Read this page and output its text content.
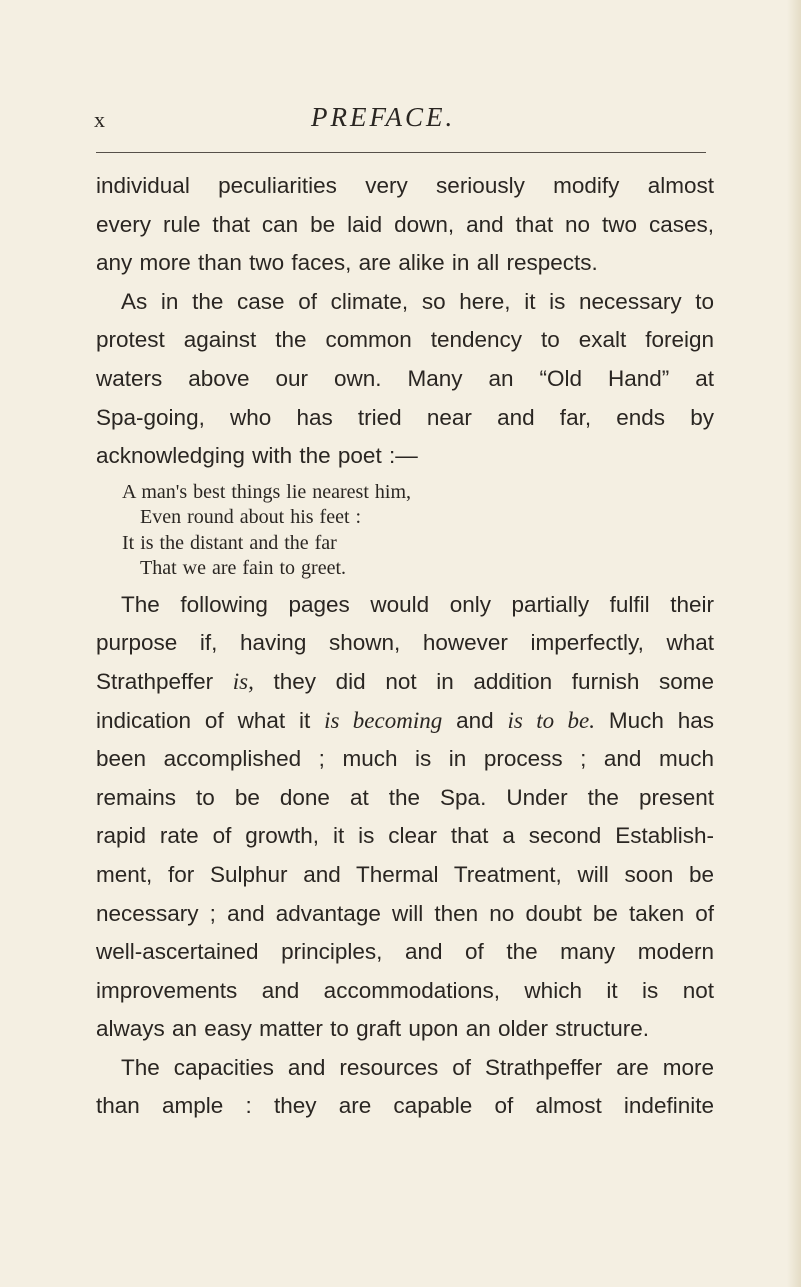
x	PREFACE.
individual peculiarities very seriously modify almost
every rule that can be laid down, and that no two cases,
any more than two faces, are alike in all respects.
As in the case of climate, so here, it is necessary to
protest against the common tendency to exalt foreign
waters above our own. Many an “Old Hand” at
Spa-going, who has tried near and far, ends by
acknowledging with the poet :—
A man's best things lie nearest him,
Even round about his feet :
It is the distant and the far
That we are fain to greet.
The following pages would only partially fulfil their
purpose if, having shown, however imperfectly, what
Strathpeffer is, they did not in addition furnish some
indication of what it is becoming and is to be. Much has
been accomplished ; much is in process ; and much
remains to be done at the Spa. Under the present
rapid rate of growth, it is clear that a second Establish-
ment, for Sulphur and Thermal Treatment, will soon be
necessary ; and advantage will then no doubt be taken of
well-ascertained principles, and of the many modern
improvements and accommodations, which it is not
always an easy matter to graft upon an older structure.
The capacities and resources of Strathpeffer are more
than ample : they are capable of almost indefinite
